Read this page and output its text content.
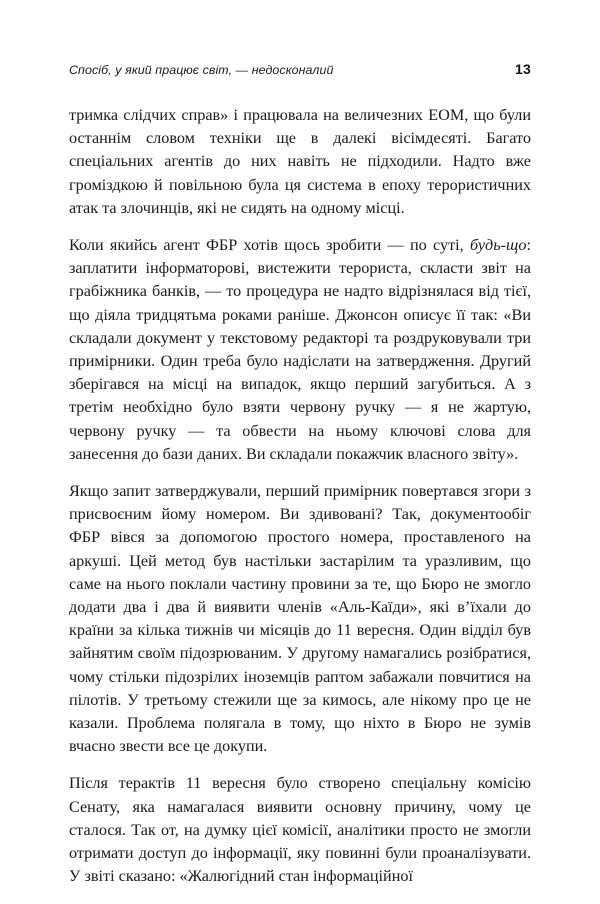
Спосіб, у який працює світ, — недосконалий	13

тримка слідчих справ» і працювала на величезних ЕОМ, що були останнім словом техніки ще в далекі вісімдесяті. Багато спеціальних агентів до них навіть не підходили. Надто вже громіздкою й повільною була ця система в епоху терористичних атак та злочинців, які не сидять на одному місці.

Коли якийсь агент ФБР хотів щось зробити — по суті, будь-що: заплатити інформаторові, вистежити терориста, скласти звіт на грабіжника банків, — то процедура не надто відрізнялася від тієї, що діяла тридцятьма роками раніше. Джонсон описує її так: «Ви складали документ у текстовому редакторі та роздруковували три примірники. Один треба було надіслати на затвердження. Другий зберігався на місці на випадок, якщо перший загубиться. А з третім необхідно було взяти червону ручку — я не жартую, червону ручку — та обвести на ньому ключові слова для занесення до бази даних. Ви складали покажчик власного звіту».

Якщо запит затверджували, перший примірник повертався згори з присвоєним йому номером. Ви здивовані? Так, документообіг ФБР вівся за допомогою простого номера, проставленого на аркуші. Цей метод був настільки застарілим та уразливим, що саме на нього поклали частину провини за те, що Бюро не змогло додати два і два й виявити членів «Аль-Каїди», які в’їхали до країни за кілька тижнів чи місяців до 11 вересня. Один відділ був зайнятим своїм підозрюваним. У другому намагались розібратися, чому стільки підозрілих іноземців раптом забажали повчитися на пілотів. У третьому стежили ще за кимось, але нікому про це не казали. Проблема полягала в тому, що ніхто в Бюро не зумів вчасно звести все це докупи.

Після терактів 11 вересня було створено спеціальну комісію Сенату, яка намагалася виявити основну причину, чому це сталося. Так от, на думку цієї комісії, аналітики просто не змогли отримати доступ до інформації, яку повинні були проаналізувати. У звіті сказано: «Жалюгідний стан інформаційної
